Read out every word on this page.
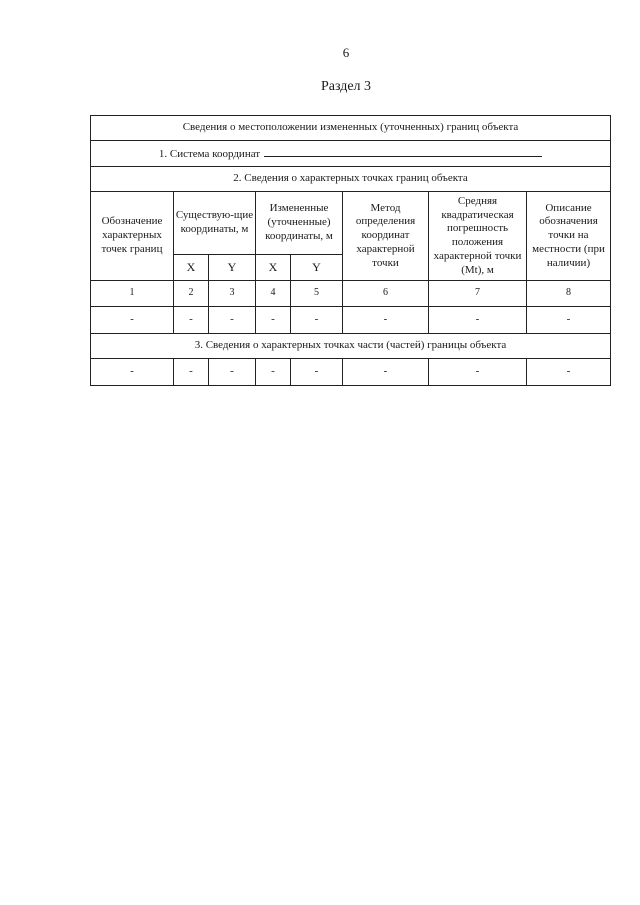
6
Раздел 3
Сведения о местоположении измененных (уточненных) границ объекта							
1. Система координат							
2. Сведения о характерных точках границ объекта							
Обозначение характерных точек границ	Существую-щие координаты, м		Измененные (уточненные) координаты, м		Метод определения координат характерной точки	Средняя квадратическая погрешность положения характерной точки (Mt), м	Описание обозначения точки на местности (при наличии)
	X	Y	X	Y			
1	2	3	4	5	6	7	8
-	-	-	-	-	-	-	-
3. Сведения о характерных точках части (частей) границы объекта							
-	-	-	-	-	-	-	-
